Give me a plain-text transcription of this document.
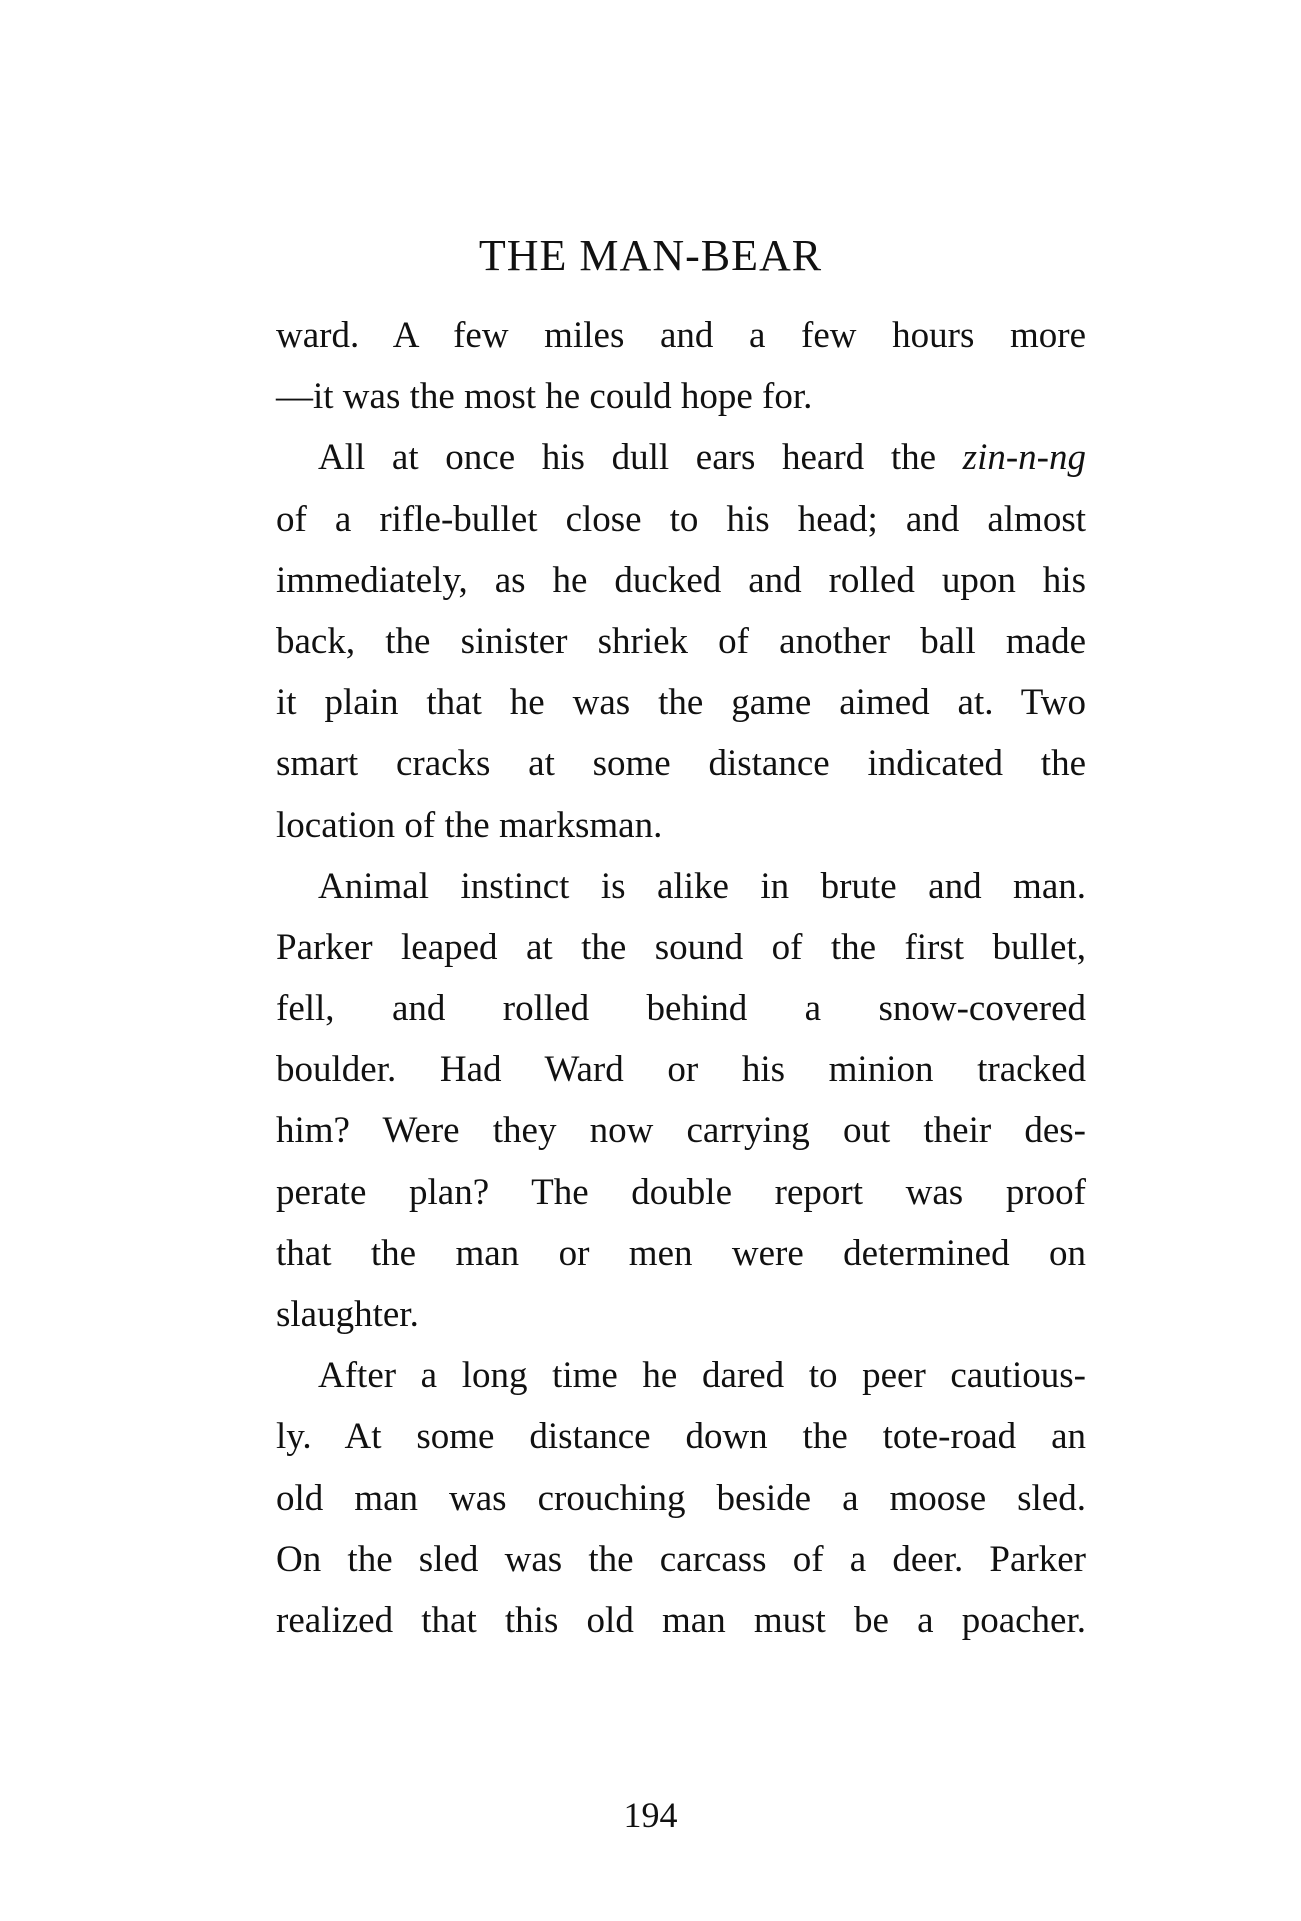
THE MAN-BEAR
ward. A few miles and a few hours more
—it was the most he could hope for.
All at once his dull ears heard the zin-n-ng
of a rifle-bullet close to his head; and almost
immediately, as he ducked and rolled upon his
back, the sinister shriek of another ball made
it plain that he was the game aimed at. Two
smart cracks at some distance indicated the
location of the marksman.
Animal instinct is alike in brute and man.
Parker leaped at the sound of the first bullet,
fell, and rolled behind a snow-covered
boulder. Had Ward or his minion tracked
him? Were they now carrying out their des-
perate plan? The double report was proof
that the man or men were determined on
slaughter.
After a long time he dared to peer cautious-
ly. At some distance down the tote-road an
old man was crouching beside a moose sled.
On the sled was the carcass of a deer. Parker
realized that this old man must be a poacher.
194
